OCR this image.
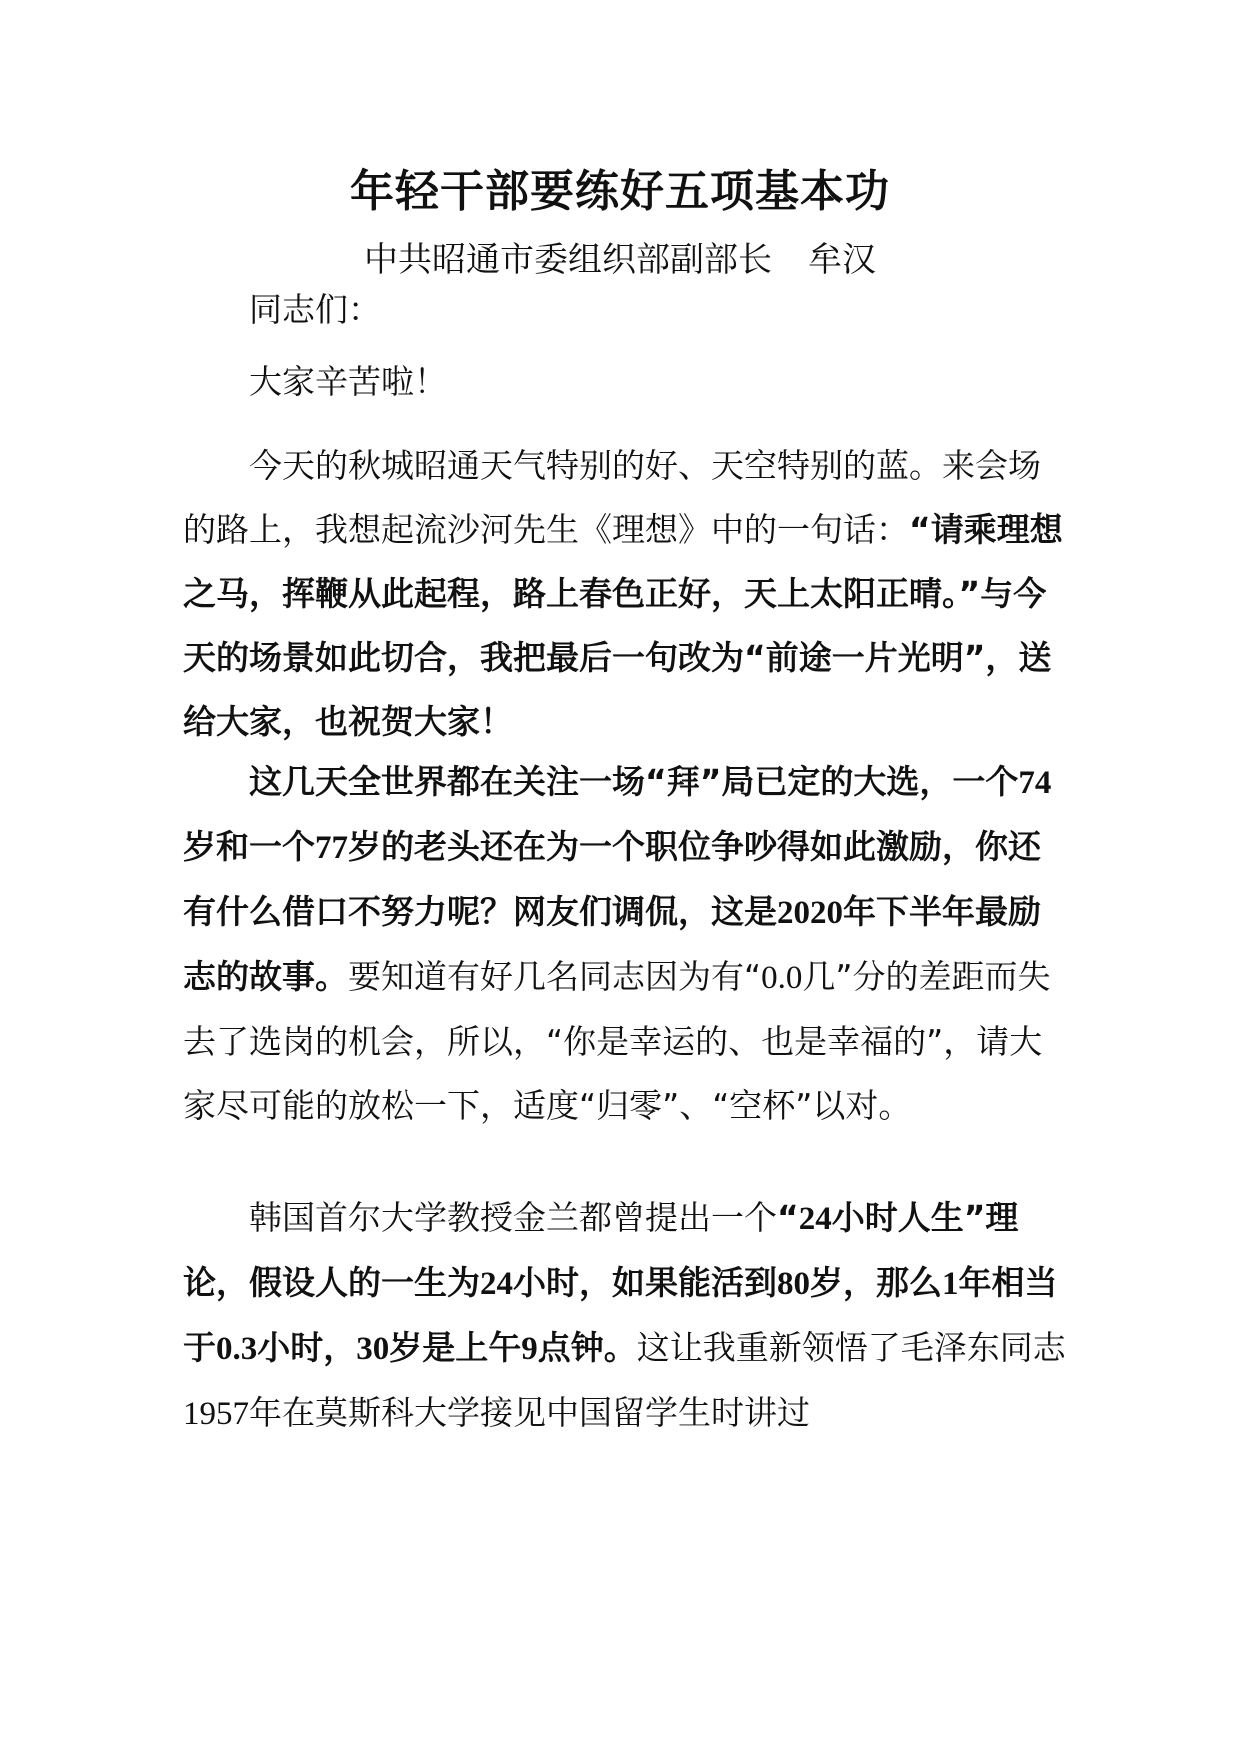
年轻干部要练好五项基本功
中共昭通市委组织部副部长 牟汉

同志们：

大家辛苦啦！

今天的秋城昭通天气特别的好、天空特别的蓝。来会场的路上，我想起流沙河先生《理想》中的一句话：“请乘理想之马，挥鞭从此起程，路上春色正好，天上太阳正晴。”与今天的场景如此切合，我把最后一句改为“前途一片光明”，送给大家，也祝贺大家！

这几天全世界都在关注一场“拜”局已定的大选，一个74岁和一个77岁的老头还在为一个职位争吵得如此激励，你还有什么借口不努力呢？网友们调侃，这是2020年下半年最励志的故事。要知道有好几名同志因为有“0.0几”分的差距而失去了选岗的机会，所以，“你是幸运的、也是幸福的”，请大家尽可能的放松一下，适度“归零”、“空杯”以对。

韩国首尔大学教授金兰都曾提出一个“24小时人生”理论，假设人的一生为24小时，如果能活到80岁，那么1年相当于0.3小时，30岁是上午9点钟。这让我重新领悟了毛泽东同志1957年在莫斯科大学接见中国留学生时讲过
